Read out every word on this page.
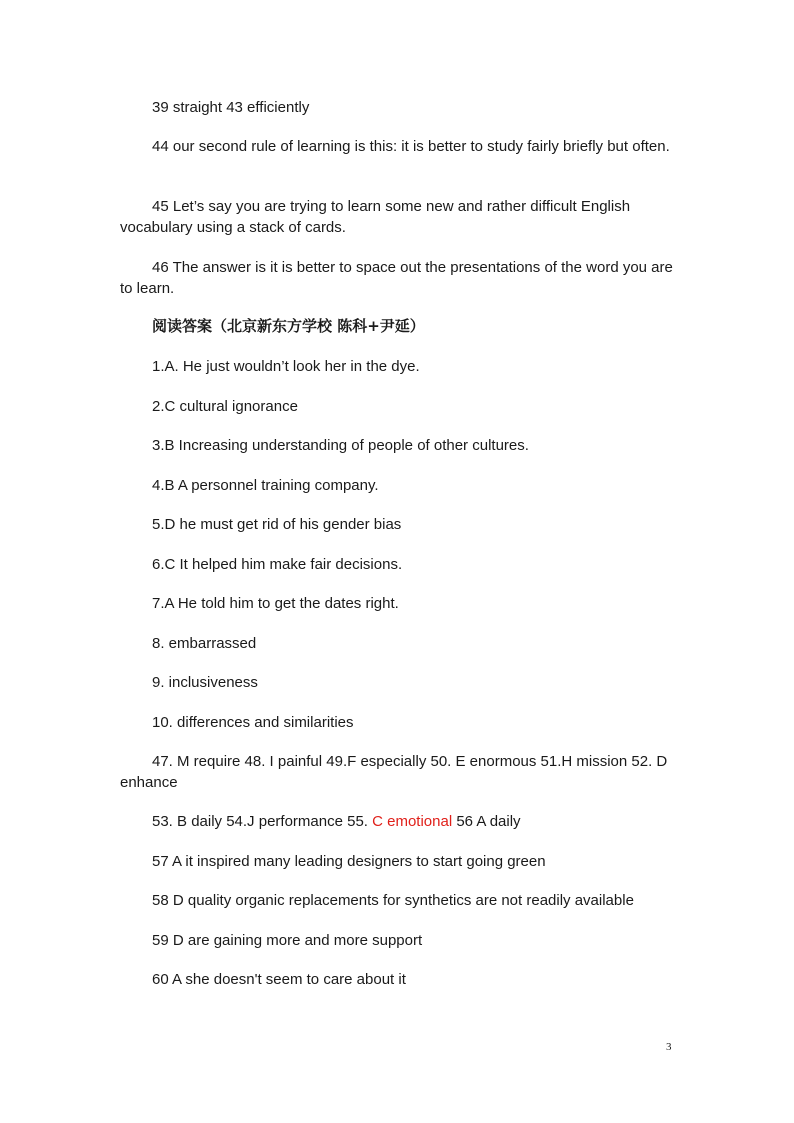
39 straight 43 efficiently

44 our second rule of learning is this: it is better to study fairly briefly but often.

45 Let’s say you are trying to learn some new and rather difficult English vocabulary using a stack of cards.

46 The answer is it is better to space out the presentations of the word you are to learn.

阅读答案（北京新东方学校 陈科+尹延）

1.A. He just wouldn’t look her in the dye.

2.C cultural ignorance

3.B Increasing understanding of people of other cultures.

4.B A personnel training company.

5.D he must get rid of his gender bias

6.C It helped him make fair decisions.

7.A He told him to get the dates right.

8. embarrassed

9. inclusiveness

10. differences and similarities

47. M require 48. I painful 49.F especially 50. E enormous 51.H mission 52. D enhance

53. B daily 54.J performance 55. C emotional 56 A daily

57 A it inspired many leading designers to start going green

58 D quality organic replacements for synthetics are not readily available

59 D are gaining more and more support

60 A she doesn't seem to care about it

3
